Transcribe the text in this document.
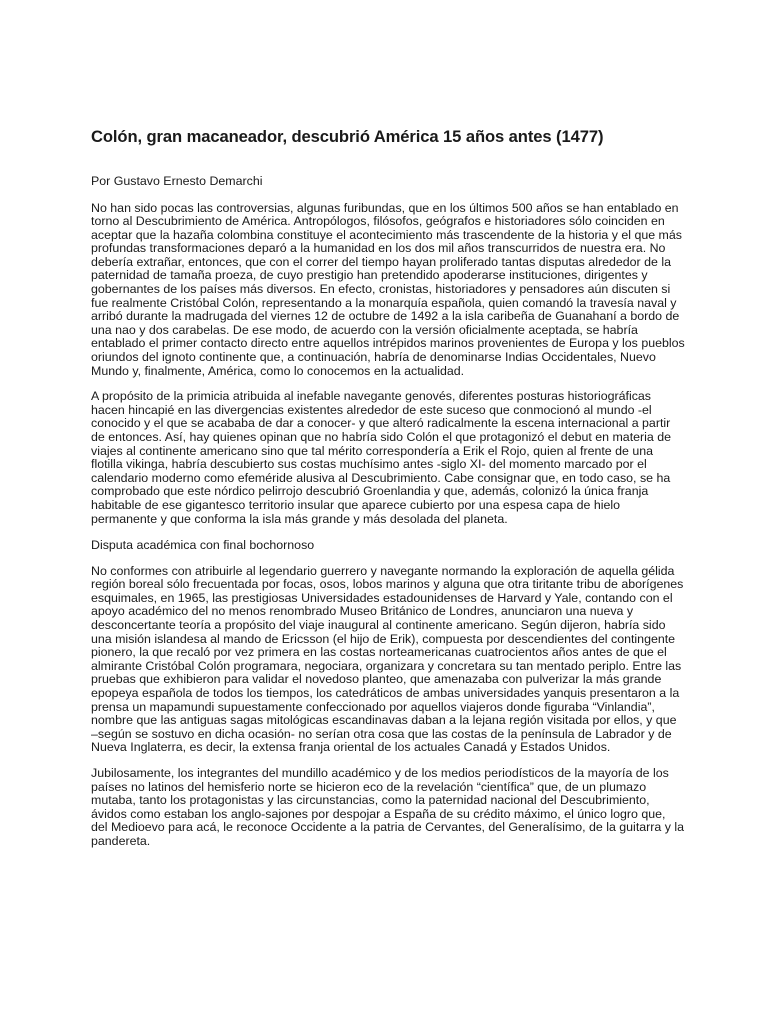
Colón, gran macaneador, descubrió América 15 años antes (1477)

Por Gustavo Ernesto Demarchi

No han sido pocas las controversias, algunas furibundas, que en los últimos 500 años se han entablado en torno al Descubrimiento de América. Antropólogos, filósofos, geógrafos e historiadores sólo coinciden en aceptar que la hazaña colombina constituye el acontecimiento más trascendente de la historia y el que más profundas transformaciones deparó a la humanidad en los dos mil años transcurridos de nuestra era. No debería extrañar, entonces, que con el correr del tiempo hayan proliferado tantas disputas alrededor de la paternidad de tamaña proeza, de cuyo prestigio han pretendido apoderarse instituciones, dirigentes y gobernantes de los países más diversos. En efecto, cronistas, historiadores y pensadores aún discuten si fue realmente Cristóbal Colón, representando a la monarquía española, quien comandó la travesía naval y arribó durante la madrugada del viernes 12 de octubre de 1492 a la isla caribeña de Guanahaní a bordo de una nao y dos carabelas. De ese modo, de acuerdo con la versión oficialmente aceptada, se habría entablado el primer contacto directo entre aquellos intrépidos marinos provenientes de Europa y los pueblos oriundos del ignoto continente que, a continuación, habría de denominarse Indias Occidentales, Nuevo Mundo y, finalmente, América, como lo conocemos en la actualidad.

A propósito de la primicia atribuida al inefable navegante genovés, diferentes posturas historiográficas hacen hincapié en las divergencias existentes alrededor de este suceso que conmocionó al mundo -el conocido y el que se acababa de dar a conocer- y que alteró radicalmente la escena internacional a partir de entonces. Así, hay quienes opinan que no habría sido Colón el que protagonizó el debut en materia de viajes al continente americano sino que tal mérito correspondería a Erik el Rojo, quien al frente de una flotilla vikinga, habría descubierto sus costas muchísimo antes -siglo XI- del momento marcado por el calendario moderno como efeméride alusiva al Descubrimiento. Cabe consignar que, en todo caso, se ha comprobado que este nórdico pelirrojo descubrió Groenlandia y que, además, colonizó la única franja habitable de ese gigantesco territorio insular que aparece cubierto por una espesa capa de hielo permanente y que conforma la isla más grande y más desolada del planeta.

Disputa académica con final bochornoso

No conformes con atribuirle al legendario guerrero y navegante normando la exploración de aquella gélida región boreal sólo frecuentada por focas, osos, lobos marinos y alguna que otra tiritante tribu de aborígenes esquimales, en 1965, las prestigiosas Universidades estadounidenses de Harvard y Yale, contando con el apoyo académico del no menos renombrado Museo Británico de Londres, anunciaron una nueva y desconcertante teoría a propósito del viaje inaugural al continente americano. Según dijeron, habría sido una misión islandesa al mando de Ericsson (el hijo de Erik), compuesta por descendientes del contingente pionero, la que recaló por vez primera en las costas norteamericanas cuatrocientos años antes de que el almirante Cristóbal Colón programara, negociara, organizara y concretara su tan mentado periplo. Entre las pruebas que exhibieron para validar el novedoso planteo, que amenazaba con pulverizar la más grande epopeya española de todos los tiempos, los catedráticos de ambas universidades yanquis presentaron a la prensa un mapamundi supuestamente confeccionado por aquellos viajeros donde figuraba “Vinlandia”, nombre que las antiguas sagas mitológicas escandinavas daban a la lejana región visitada por ellos, y que –según se sostuvo en dicha ocasión- no serían otra cosa que las costas de la península de Labrador y de Nueva Inglaterra, es decir, la extensa franja oriental de los actuales Canadá y Estados Unidos.

Jubilosamente, los integrantes del mundillo académico y de los medios periodísticos de la mayoría de los países no latinos del hemisferio norte se hicieron eco de la revelación “científica” que, de un plumazo mutaba, tanto los protagonistas y las circunstancias, como la paternidad nacional del Descubrimiento, ávidos como estaban los anglo-sajones por despojar a España de su crédito máximo, el único logro que, del Medioevo para acá, le reconoce Occidente a la patria de Cervantes, del Generalísimo, de la guitarra y la pandereta.
